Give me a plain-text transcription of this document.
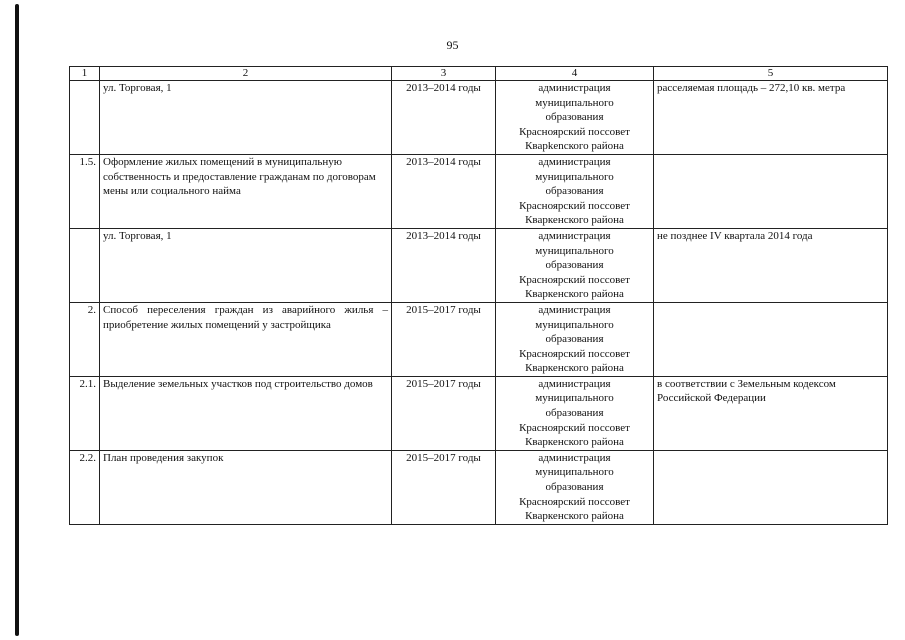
95
1	2	3	4	5
	ул. Торговая, 1	2013–2014 годы	администрация
муниципального
образования
Красноярский поссовет
Кварkenского района	расселяемая площадь – 272,10 кв. метра
1.5.	Оформление жилых помещений в муниципальную собственность и предоставление гражданам по договорам мены или социального найма	2013–2014 годы	администрация
муниципального
образования
Красноярский поссовет
Кваркенского района	

	ул. Торговая, 1	2013–2014 годы	администрация
муниципального
образования
Красноярский поссовет
Кваркенского района	не позднее IV квартала 2014 года
2.	Способ переселения граждан из аварийного жилья – приобретение жилых помещений у застройщика	2015–2017 годы	администрация
муниципального
образования
Красноярский поссовет
Кваркенского района	

2.1.	Выделение земельных участков под строительство домов	2015–2017 годы	администрация
муниципального
образования
Красноярский поссовет
Кваркенского района	в соответствии с Земельным кодексом Российской Федерации
2.2.	План проведения закупок	2015–2017 годы	администрация
муниципального
образования
Красноярский поссовет
Кваркенского района	
